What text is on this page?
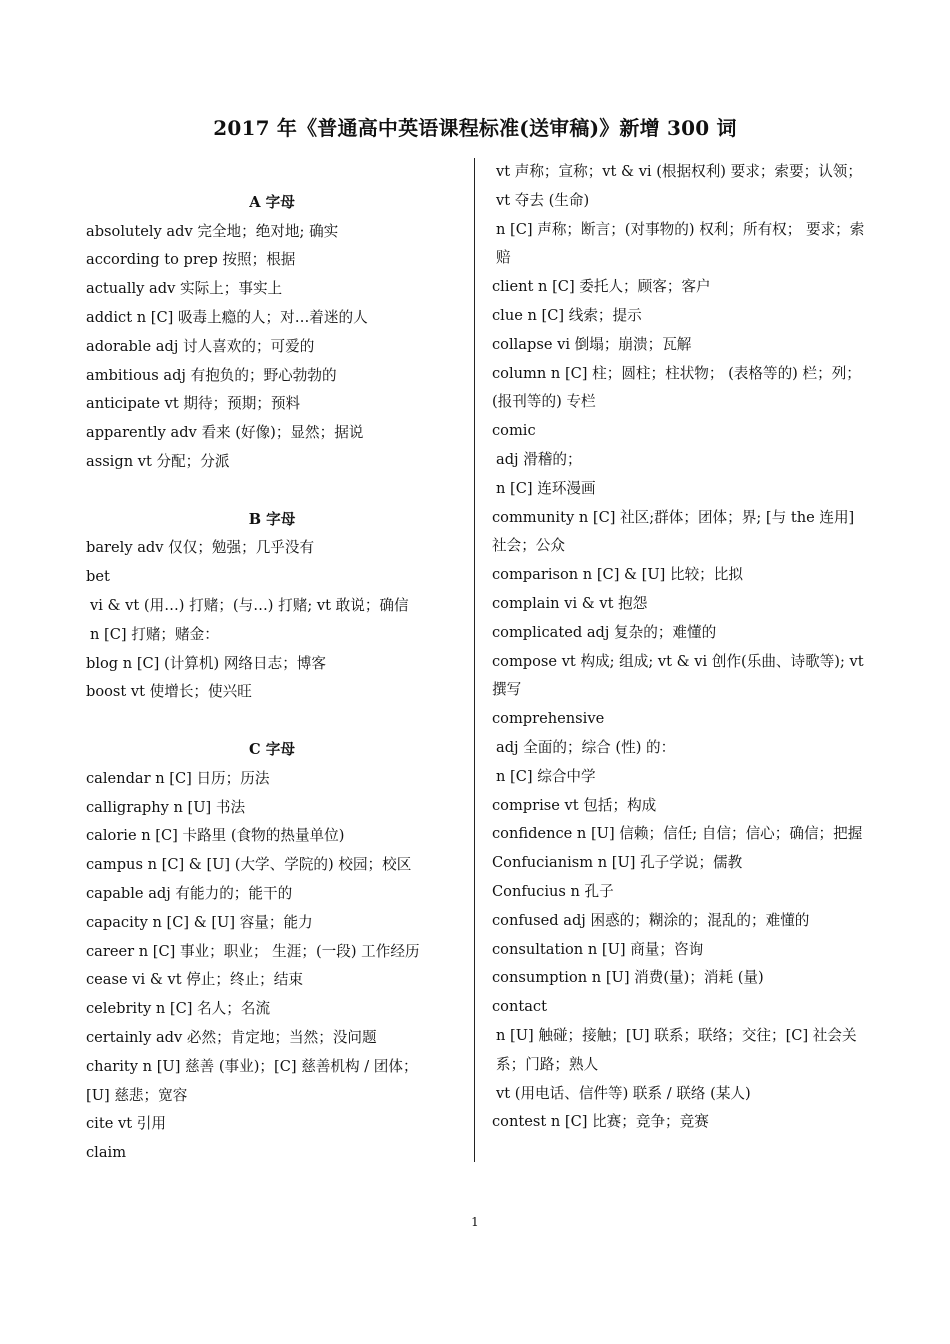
2017 年《普通高中英语课程标准(送审稿)》新增 300 词
A 字母
absolutely adv 完全地；绝对地; 确实
according to prep 按照；根据
actually adv 实际上；事实上
addict n [C] 吸毒上瘾的人；对…着迷的人
adorable adj 讨人喜欢的；可爱的
ambitious adj 有抱负的；野心勃勃的
anticipate vt 期待；预期；预料
apparently adv 看来 (好像)；显然；据说
assign vt 分配；分派
B 字母
barely adv 仅仅；勉强；几乎没有
bet
vi & vt (用…) 打赌；(与…) 打赌; vt 敢说；确信
n [C] 打赌；赌金：
blog n [C] (计算机) 网络日志；博客
boost vt 使增长；使兴旺
C 字母
calendar n [C] 日历；历法
calligraphy n [U] 书法
calorie n [C] 卡路里 (食物的热量单位)
campus n [C] & [U] (大学、学院的) 校园；校区
capable adj 有能力的；能干的
capacity n [C] & [U] 容量；能力
career n [C] 事业；职业； 生涯；(一段) 工作经历
cease vi & vt 停止；终止；结束
celebrity n [C] 名人；名流
certainly adv 必然；肯定地；当然；没问题
charity n [U] 慈善 (事业)；[C] 慈善机构 / 团体；
[U] 慈悲；宽容
cite vt 引用
claim
vt 声称；宣称；vt & vi (根据权利) 要求；索要；认领； vt 夺去 (生命)
n [C] 声称；断言；(对事物的) 权利；所有权； 要求；索赔
client n [C] 委托人；顾客；客户
clue n [C] 线索；提示
collapse vi 倒塌；崩溃；瓦解
column n [C] 柱；圆柱；柱状物； (表格等的) 栏；列；(报刊等的) 专栏
comic
adj 滑稽的；
n [C] 连环漫画
community n [C] 社区;群体；团体；界; [与 the 连用] 社会；公众
comparison n [C] & [U] 比较；比拟
complain vi & vt 抱怨
complicated adj 复杂的；难懂的
compose vt 构成; 组成; vt & vi 创作(乐曲、诗歌等); vt 撰写
comprehensive
adj 全面的；综合 (性) 的：
n [C] 综合中学
comprise vt 包括；构成
confidence n [U] 信赖；信任; 自信；信心；确信；把握
Confucianism n [U] 孔子学说；儒教
Confucius n 孔子
confused adj 困惑的；糊涂的；混乱的；难懂的
consultation n [U] 商量；咨询
consumption n [U] 消费(量)；消耗 (量)
contact
n [U] 触碰；接触；[U] 联系；联络；交往；[C] 社会关系；门路；熟人
vt (用电话、信件等) 联系 / 联络 (某人)
contest n [C] 比赛；竞争；竞赛
1
